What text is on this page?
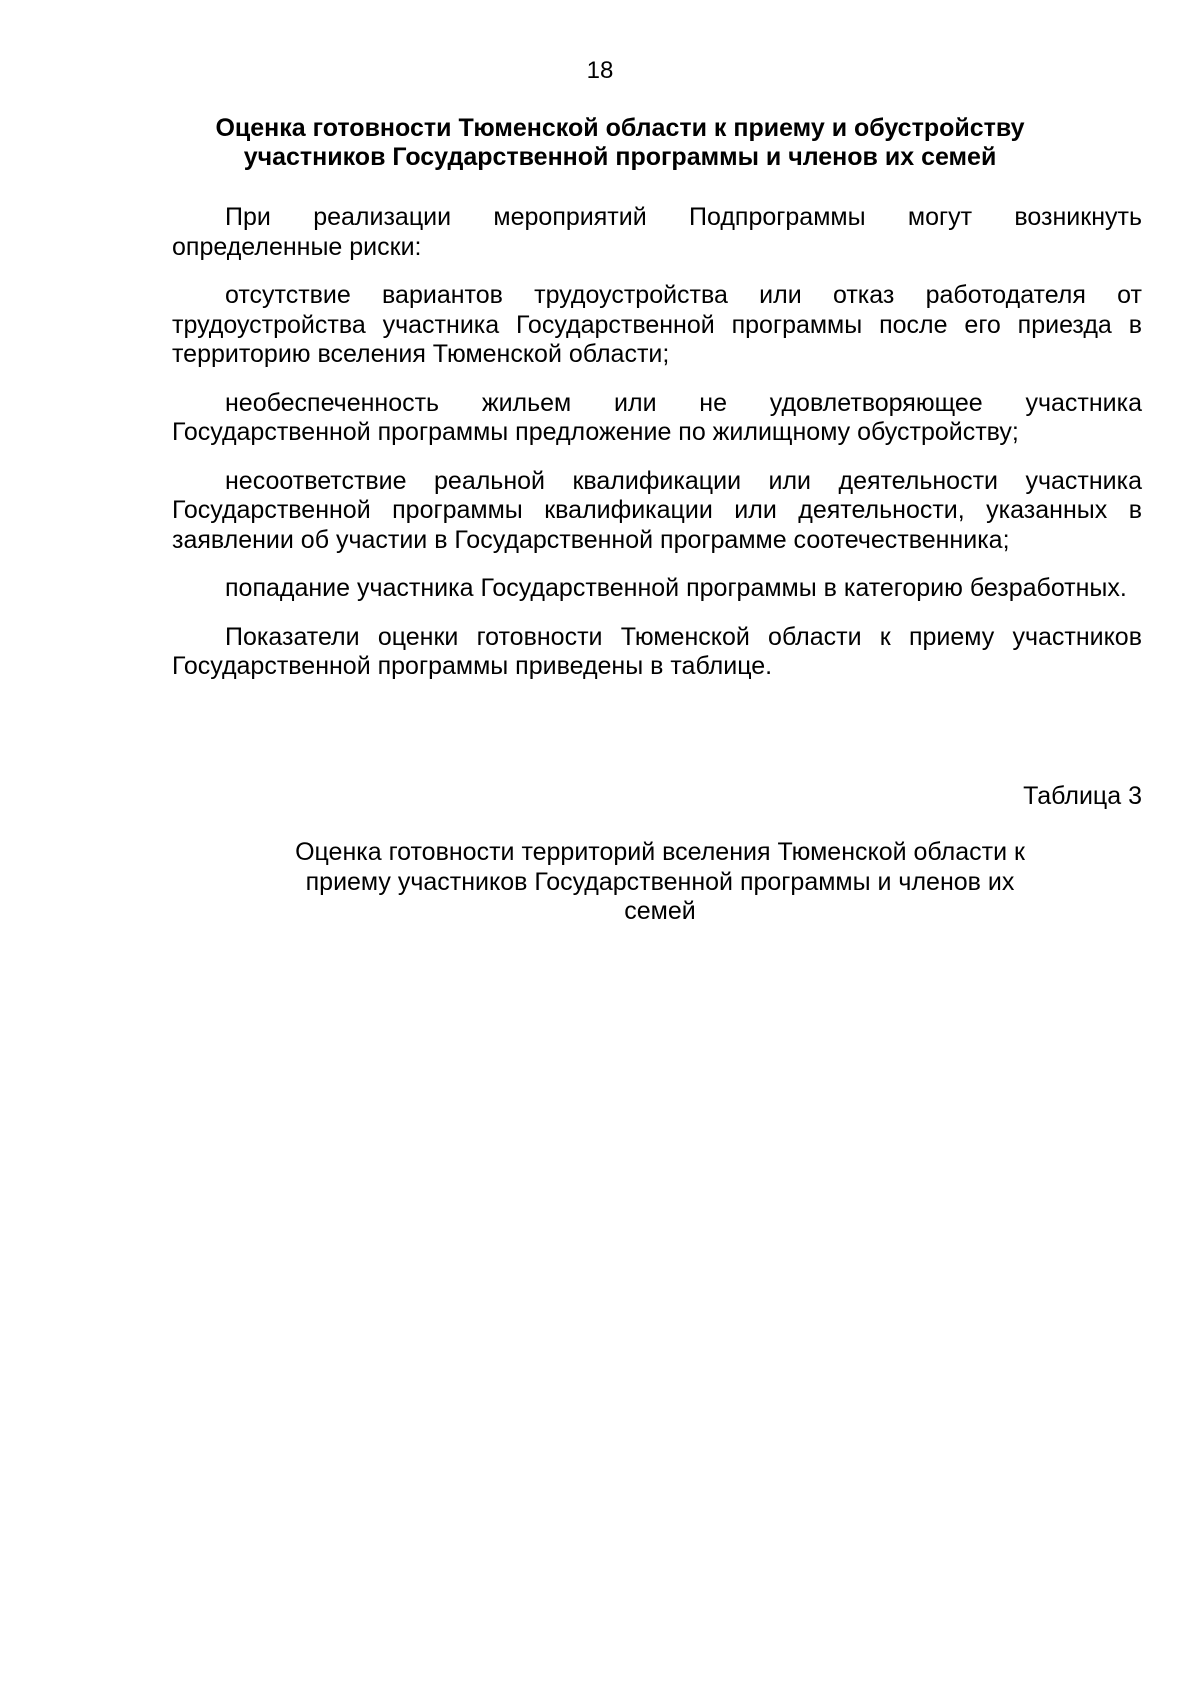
18
Оценка готовности Тюменской области к приему и обустройству участников Государственной программы и членов их семей

При реализации мероприятий Подпрограммы могут возникнуть определенные риски:

отсутствие вариантов трудоустройства или отказ работодателя от трудоустройства участника Государственной программы после его приезда в территорию вселения Тюменской области;

необеспеченность жильем или не удовлетворяющее участника Государственной программы предложение по жилищному обустройству;

несоответствие реальной квалификации или деятельности участника Государственной программы квалификации или деятельности, указанных в заявлении об участии в Государственной программе соотечественника;

попадание участника Государственной программы в категорию безработных.

Показатели оценки готовности Тюменской области к приему участников Государственной программы приведены в таблице.

Таблица 3
Оценка готовности территорий вселения Тюменской области к приему участников Государственной программы и членов их семей
